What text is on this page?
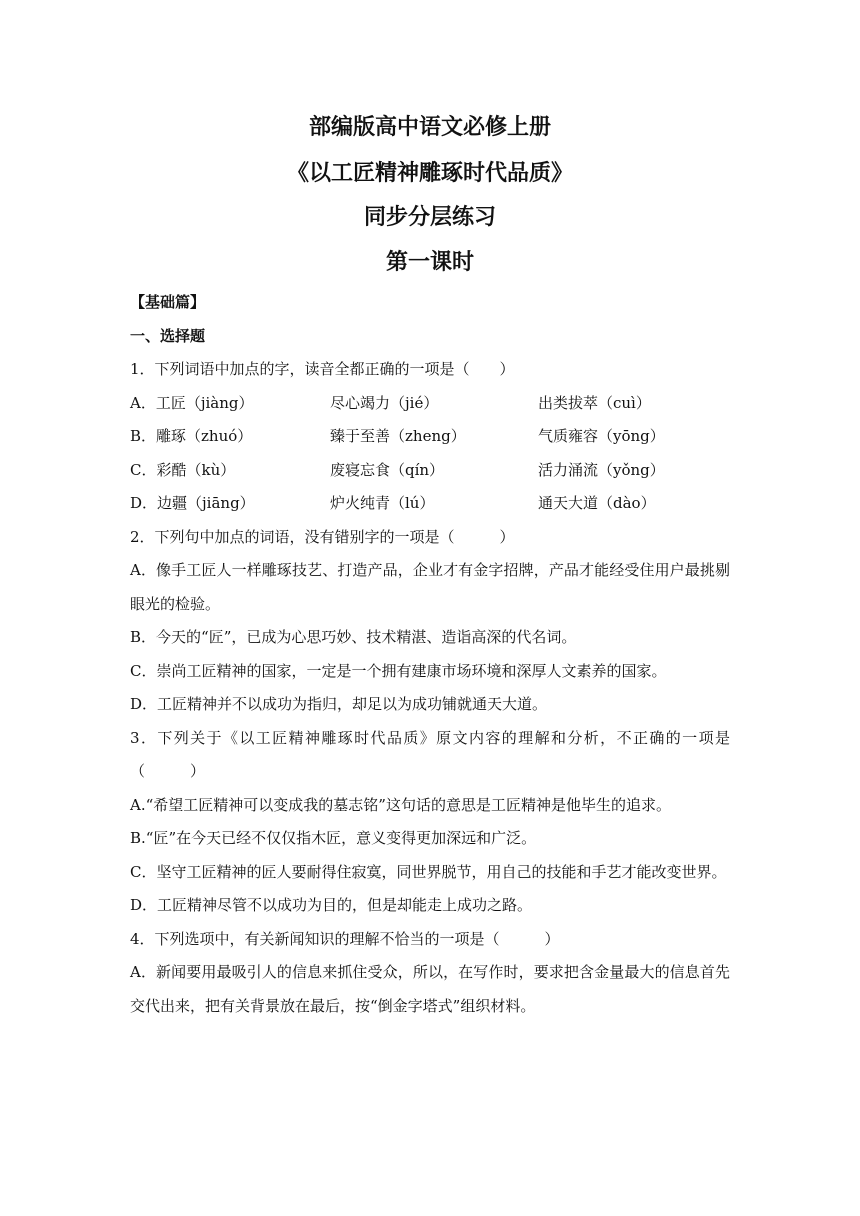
部编版高中语文必修上册
《以工匠精神雕琢时代品质》
同步分层练习
第一课时

【基础篇】

一、选择题

1．下列词语中加点的字，读音全都正确的一项是（　　）

A．工匠（jiàng）	尽心竭力（jié）	出类拔萃（cuì）
B．雕琢（zhuó）	臻于至善（zheng）	气质雍容（yōng）
C．彩酷（kù）	废寝忘食（qín）	活力涌流（yǒng）
D．边疆（jiāng）	炉火纯青（lú）	通天大道（dào）

2．下列句中加点的词语，没有错别字的一项是（　　　）

A．像手工匠人一样雕琢技艺、打造产品，企业才有金字招牌，产品才能经受住用户最挑剔眼光的检验。

B．今天的“匠”，已成为心思巧妙、技术精湛、造诣高深的代名词。

C．崇尚工匠精神的国家，一定是一个拥有建康市场环境和深厚人文素养的国家。

D．工匠精神并不以成功为指归，却足以为成功铺就通天大道。

3．下列关于《以工匠精神雕琢时代品质》原文内容的理解和分析，不正确的一项是（　　　）

A.“希望工匠精神可以变成我的墓志铭”这句话的意思是工匠精神是他毕生的追求。

B.“匠”在今天已经不仅仅指木匠，意义变得更加深远和广泛。

C．坚守工匠精神的匠人要耐得住寂寞，同世界脱节，用自己的技能和手艺才能改变世界。

D．工匠精神尽管不以成功为目的，但是却能走上成功之路。

4．下列选项中，有关新闻知识的理解不恰当的一项是（　　　）

A．新闻要用最吸引人的信息来抓住受众，所以，在写作时，要求把含金量最大的信息首先交代出来，把有关背景放在最后，按“倒金字塔式”组织材料。
